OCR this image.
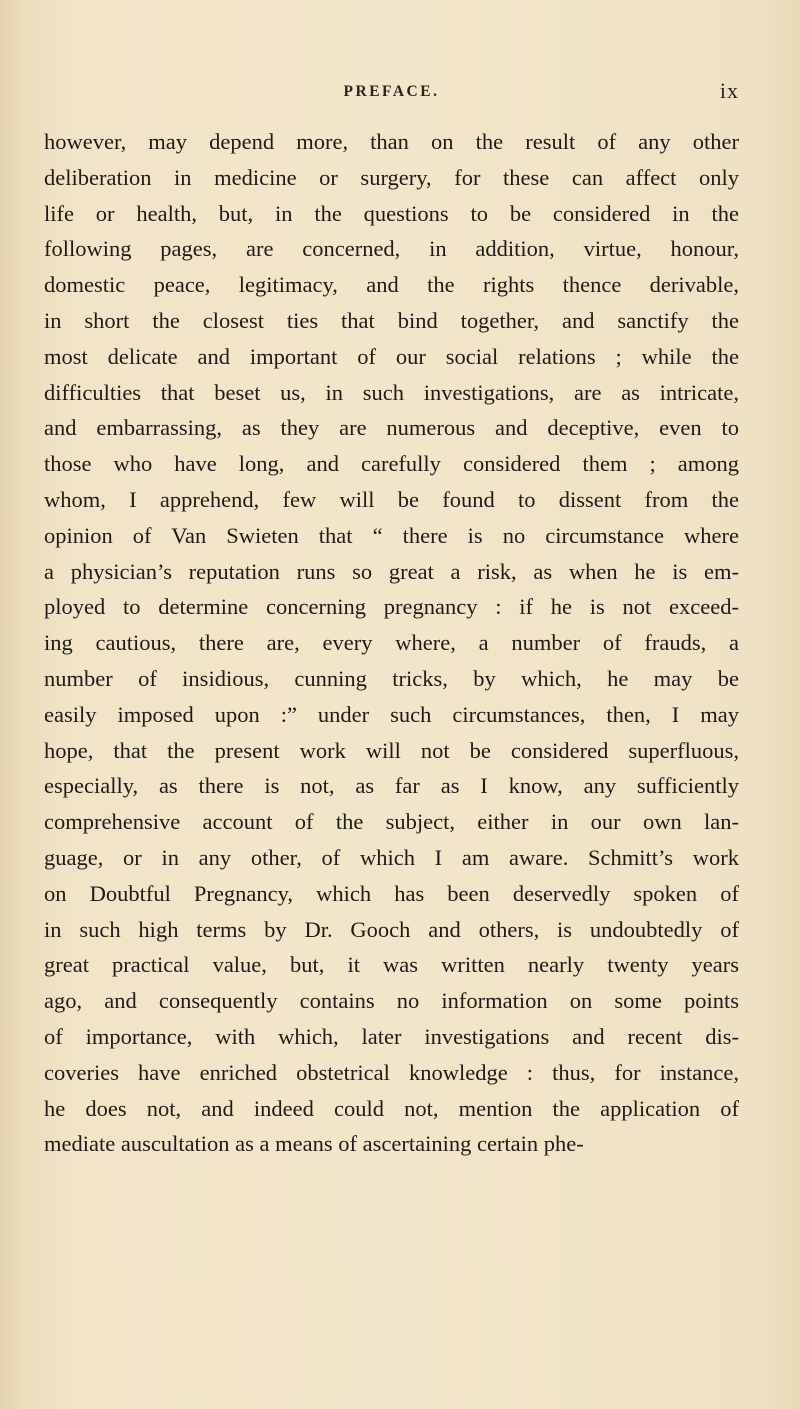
PREFACE.	ix
however, may depend more, than on the result of any other
deliberation in medicine or surgery, for these can affect only
life or health, but, in the questions to be considered in the
following pages, are concerned, in addition, virtue, honour,
domestic peace, legitimacy, and the rights thence derivable,
in short the closest ties that bind together, and sanctify the
most delicate and important of our social relations ; while the
difficulties that beset us, in such investigations, are as intricate,
and embarrassing, as they are numerous and deceptive, even to
those who have long, and carefully considered them ; among
whom, I apprehend, few will be found to dissent from the
opinion of Van Swieten that “ there is no circumstance where
a physician’s reputation runs so great a risk, as when he is em-
ployed to determine concerning pregnancy : if he is not exceed-
ing cautious, there are, every where, a number of frauds, a
number of insidious, cunning tricks, by which, he may be
easily imposed upon :” under such circumstances, then, I may
hope, that the present work will not be considered superfluous,
especially, as there is not, as far as I know, any sufficiently
comprehensive account of the subject, either in our own lan-
guage, or in any other, of which I am aware. Schmitt’s work
on Doubtful Pregnancy, which has been deservedly spoken of
in such high terms by Dr. Gooch and others, is undoubtedly of
great practical value, but, it was written nearly twenty years
ago, and consequently contains no information on some points
of importance, with which, later investigations and recent dis-
coveries have enriched obstetrical knowledge : thus, for instance,
he does not, and indeed could not, mention the application of
mediate auscultation as a means of ascertaining certain phe-
